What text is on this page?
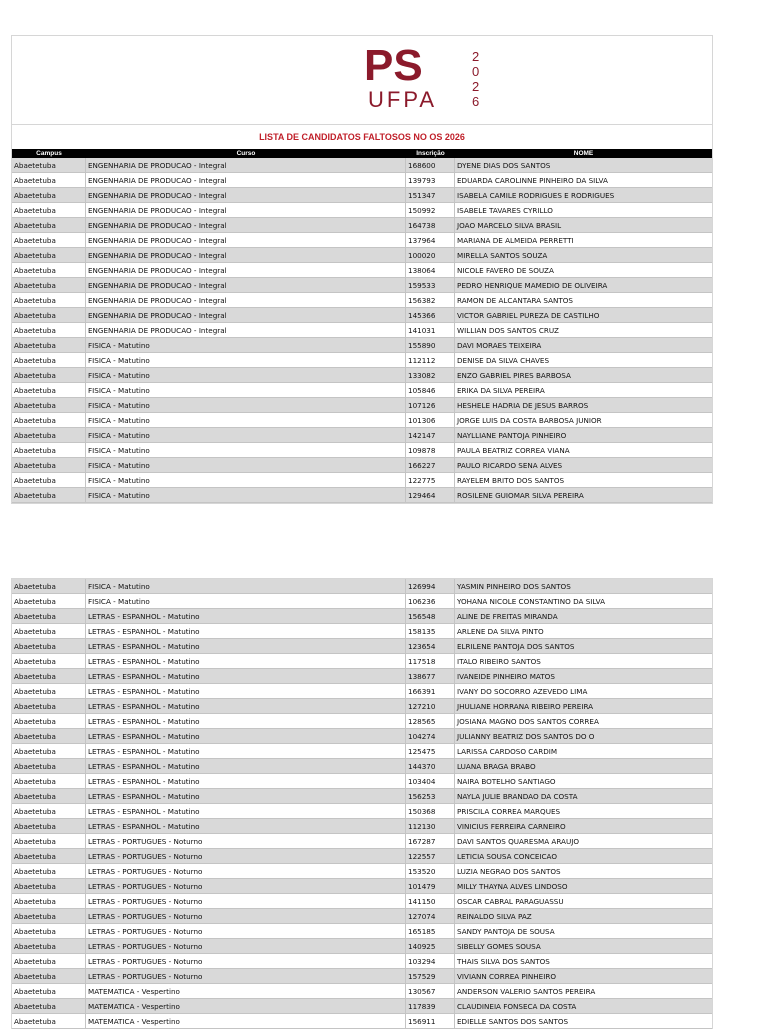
PS
UFPA
2
0
2
6
LISTA DE CANDIDATOS FALTOSOS NO OS 2026
Campus	Curso	Inscrição	NOME
Abaetetuba	ENGENHARIA DE PRODUCAO - Integral	168600	DYENE DIAS DOS SANTOS
Abaetetuba	ENGENHARIA DE PRODUCAO - Integral	139793	EDUARDA CAROLINNE PINHEIRO DA SILVA
Abaetetuba	ENGENHARIA DE PRODUCAO - Integral	151347	ISABELA CAMILE RODRIGUES E RODRIGUES
Abaetetuba	ENGENHARIA DE PRODUCAO - Integral	150992	ISABELE TAVARES CYRILLO
Abaetetuba	ENGENHARIA DE PRODUCAO - Integral	164738	JOAO MARCELO SILVA BRASIL
Abaetetuba	ENGENHARIA DE PRODUCAO - Integral	137964	MARIANA DE ALMEIDA PERRETTI
Abaetetuba	ENGENHARIA DE PRODUCAO - Integral	100020	MIRELLA SANTOS SOUZA
Abaetetuba	ENGENHARIA DE PRODUCAO - Integral	138064	NICOLE FAVERO DE SOUZA
Abaetetuba	ENGENHARIA DE PRODUCAO - Integral	159533	PEDRO HENRIQUE MAMEDIO DE OLIVEIRA
Abaetetuba	ENGENHARIA DE PRODUCAO - Integral	156382	RAMON DE ALCANTARA SANTOS
Abaetetuba	ENGENHARIA DE PRODUCAO - Integral	145366	VICTOR GABRIEL PUREZA DE CASTILHO
Abaetetuba	ENGENHARIA DE PRODUCAO - Integral	141031	WILLIAN DOS SANTOS CRUZ
Abaetetuba	FISICA - Matutino	155890	DAVI MORAES TEIXEIRA
Abaetetuba	FISICA - Matutino	112112	DENISE DA SILVA CHAVES
Abaetetuba	FISICA - Matutino	133082	ENZO GABRIEL PIRES BARBOSA
Abaetetuba	FISICA - Matutino	105846	ERIKA DA SILVA PEREIRA
Abaetetuba	FISICA - Matutino	107126	HESHELE HADRIA DE JESUS BARROS
Abaetetuba	FISICA - Matutino	101306	JORGE LUIS DA COSTA BARBOSA JUNIOR
Abaetetuba	FISICA - Matutino	142147	NAYLLIANE PANTOJA PINHEIRO
Abaetetuba	FISICA - Matutino	109878	PAULA BEATRIZ CORREA VIANA
Abaetetuba	FISICA - Matutino	166227	PAULO RICARDO SENA ALVES
Abaetetuba	FISICA - Matutino	122775	RAYELEM BRITO DOS SANTOS
Abaetetuba	FISICA - Matutino	129464	ROSILENE GUIOMAR SILVA PEREIRA
Abaetetuba	FISICA - Matutino	126994	YASMIN PINHEIRO DOS SANTOS
Abaetetuba	FISICA - Matutino	106236	YOHANA NICOLE CONSTANTINO DA SILVA
Abaetetuba	LETRAS - ESPANHOL - Matutino	156548	ALINE DE FREITAS MIRANDA
Abaetetuba	LETRAS - ESPANHOL - Matutino	158135	ARLENE DA SILVA PINTO
Abaetetuba	LETRAS - ESPANHOL - Matutino	123654	ELRILENE PANTOJA DOS SANTOS
Abaetetuba	LETRAS - ESPANHOL - Matutino	117518	ITALO RIBEIRO SANTOS
Abaetetuba	LETRAS - ESPANHOL - Matutino	138677	IVANEIDE PINHEIRO MATOS
Abaetetuba	LETRAS - ESPANHOL - Matutino	166391	IVANY DO SOCORRO AZEVEDO LIMA
Abaetetuba	LETRAS - ESPANHOL - Matutino	127210	JHULIANE HORRANA RIBEIRO PEREIRA
Abaetetuba	LETRAS - ESPANHOL - Matutino	128565	JOSIANA MAGNO DOS SANTOS CORREA
Abaetetuba	LETRAS - ESPANHOL - Matutino	104274	JULIANNY BEATRIZ DOS SANTOS DO O
Abaetetuba	LETRAS - ESPANHOL - Matutino	125475	LARISSA CARDOSO CARDIM
Abaetetuba	LETRAS - ESPANHOL - Matutino	144370	LUANA BRAGA BRABO
Abaetetuba	LETRAS - ESPANHOL - Matutino	103404	NAIRA BOTELHO SANTIAGO
Abaetetuba	LETRAS - ESPANHOL - Matutino	156253	NAYLA JULIE BRANDAO DA COSTA
Abaetetuba	LETRAS - ESPANHOL - Matutino	150368	PRISCILA CORREA MARQUES
Abaetetuba	LETRAS - ESPANHOL - Matutino	112130	VINICIUS FERREIRA CARNEIRO
Abaetetuba	LETRAS - PORTUGUES - Noturno	167287	DAVI SANTOS QUARESMA ARAUJO
Abaetetuba	LETRAS - PORTUGUES - Noturno	122557	LETICIA SOUSA CONCEICAO
Abaetetuba	LETRAS - PORTUGUES - Noturno	153520	LUZIA NEGRAO DOS SANTOS
Abaetetuba	LETRAS - PORTUGUES - Noturno	101479	MILLY THAYNA ALVES LINDOSO
Abaetetuba	LETRAS - PORTUGUES - Noturno	141150	OSCAR CABRAL PARAGUASSU
Abaetetuba	LETRAS - PORTUGUES - Noturno	127074	REINALDO SILVA PAZ
Abaetetuba	LETRAS - PORTUGUES - Noturno	165185	SANDY PANTOJA DE SOUSA
Abaetetuba	LETRAS - PORTUGUES - Noturno	140925	SIBELLY GOMES SOUSA
Abaetetuba	LETRAS - PORTUGUES - Noturno	103294	THAIS SILVA DOS SANTOS
Abaetetuba	LETRAS - PORTUGUES - Noturno	157529	VIVIANN CORREA PINHEIRO
Abaetetuba	MATEMATICA - Vespertino	130567	ANDERSON VALERIO SANTOS PEREIRA
Abaetetuba	MATEMATICA - Vespertino	117839	CLAUDINEIA FONSECA DA COSTA
Abaetetuba	MATEMATICA - Vespertino	156911	EDIELLE SANTOS DOS SANTOS
